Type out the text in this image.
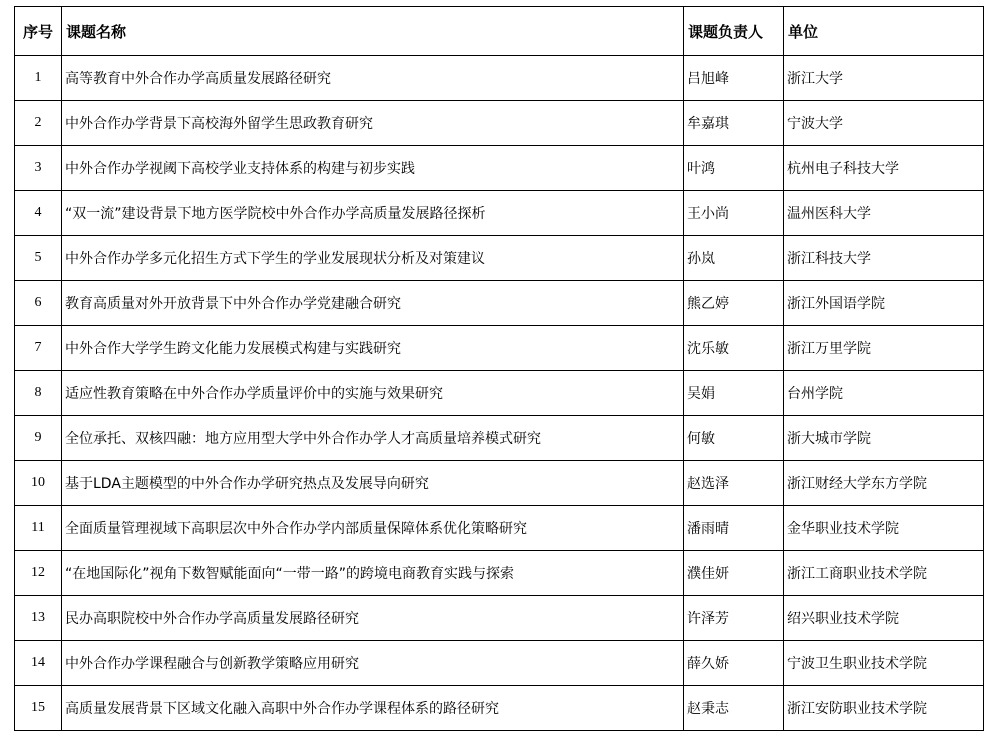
序号	课题名称	课题负责人	单位
1	高等教育中外合作办学高质量发展路径研究	吕旭峰	浙江大学
2	中外合作办学背景下高校海外留学生思政教育研究	牟嘉琪	宁波大学
3	中外合作办学视阈下高校学业支持体系的构建与初步实践	叶鸿	杭州电子科技大学
4	“双一流”建设背景下地方医学院校中外合作办学高质量发展路径探析	王小尚	温州医科大学
5	中外合作办学多元化招生方式下学生的学业发展现状分析及对策建议	孙岚	浙江科技大学
6	教育高质量对外开放背景下中外合作办学党建融合研究	熊乙婷	浙江外国语学院
7	中外合作大学学生跨文化能力发展模式构建与实践研究	沈乐敏	浙江万里学院
8	适应性教育策略在中外合作办学质量评价中的实施与效果研究	吴娟	台州学院
9	全位承托、双核四融：地方应用型大学中外合作办学人才高质量培养模式研究	何敏	浙大城市学院
10	基于LDA主题模型的中外合作办学研究热点及发展导向研究	赵选泽	浙江财经大学东方学院
11	全面质量管理视域下高职层次中外合作办学内部质量保障体系优化策略研究	潘雨晴	金华职业技术学院
12	“在地国际化”视角下数智赋能面向“一带一路”的跨境电商教育实践与探索	濮佳妍	浙江工商职业技术学院
13	民办高职院校中外合作办学高质量发展路径研究	许泽芳	绍兴职业技术学院
14	中外合作办学课程融合与创新教学策略应用研究	薛久娇	宁波卫生职业技术学院
15	高质量发展背景下区域文化融入高职中外合作办学课程体系的路径研究	赵秉志	浙江安防职业技术学院
